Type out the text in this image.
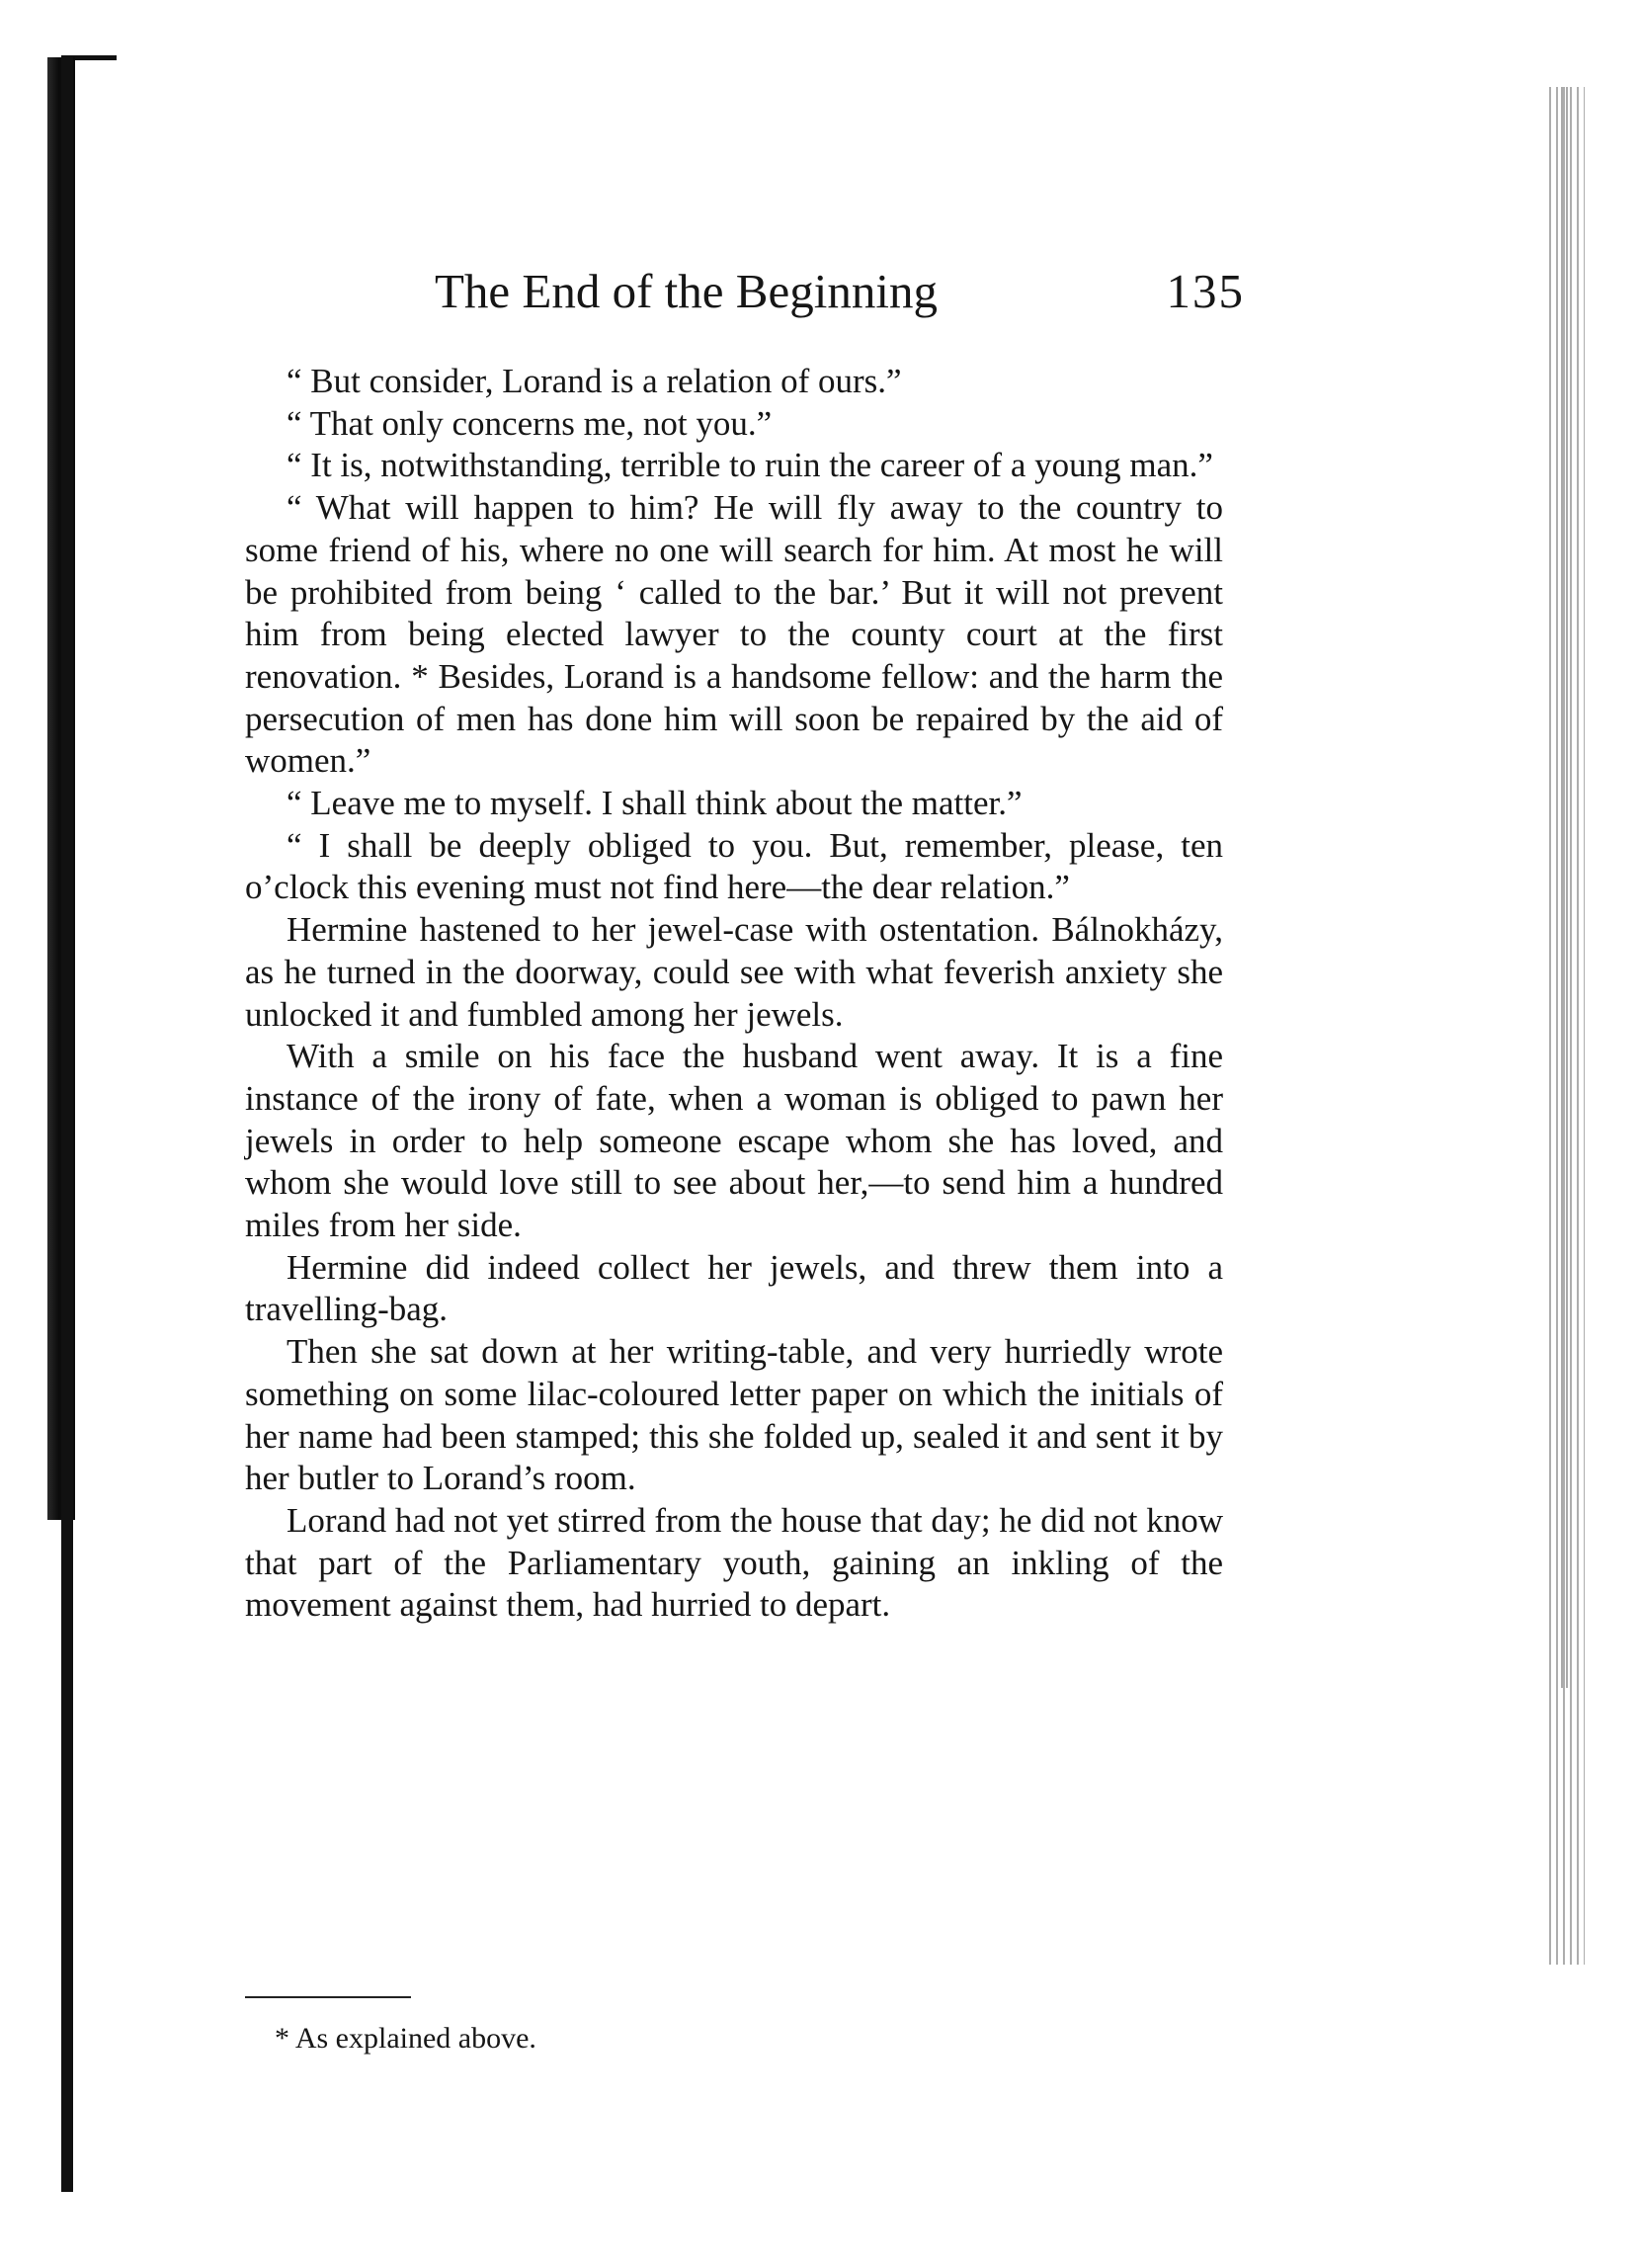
The End of the Beginning	135

“ But consider, Lorand is a relation of ours.”

“ That only concerns me, not you.”

“ It is, notwithstanding, terrible to ruin the career of a young man.”

“ What will happen to him? He will fly away to the country to some friend of his, where no one will search for him. At most he will be prohibited from being ‘ called to the bar.’ But it will not prevent him from being elected lawyer to the county court at the first renovation. * Besides, Lorand is a handsome fellow: and the harm the persecution of men has done him will soon be repaired by the aid of women.”

“ Leave me to myself. I shall think about the matter.”

“ I shall be deeply obliged to you. But, remember, please, ten o’clock this evening must not find here—the dear relation.”

Hermine hastened to her jewel-case with ostentation. Bálnokházy, as he turned in the doorway, could see with what feverish anxiety she unlocked it and fumbled among her jewels.

With a smile on his face the husband went away. It is a fine instance of the irony of fate, when a woman is obliged to pawn her jewels in order to help someone escape whom she has loved, and whom she would love still to see about her,—to send him a hundred miles from her side.

Hermine did indeed collect her jewels, and threw them into a travelling-bag.

Then she sat down at her writing-table, and very hurriedly wrote something on some lilac-coloured letter paper on which the initials of her name had been stamped; this she folded up, sealed it and sent it by her butler to Lorand’s room.

Lorand had not yet stirred from the house that day; he did not know that part of the Parliamentary youth, gaining an inkling of the movement against them, had hurried to depart.

* As explained above.
